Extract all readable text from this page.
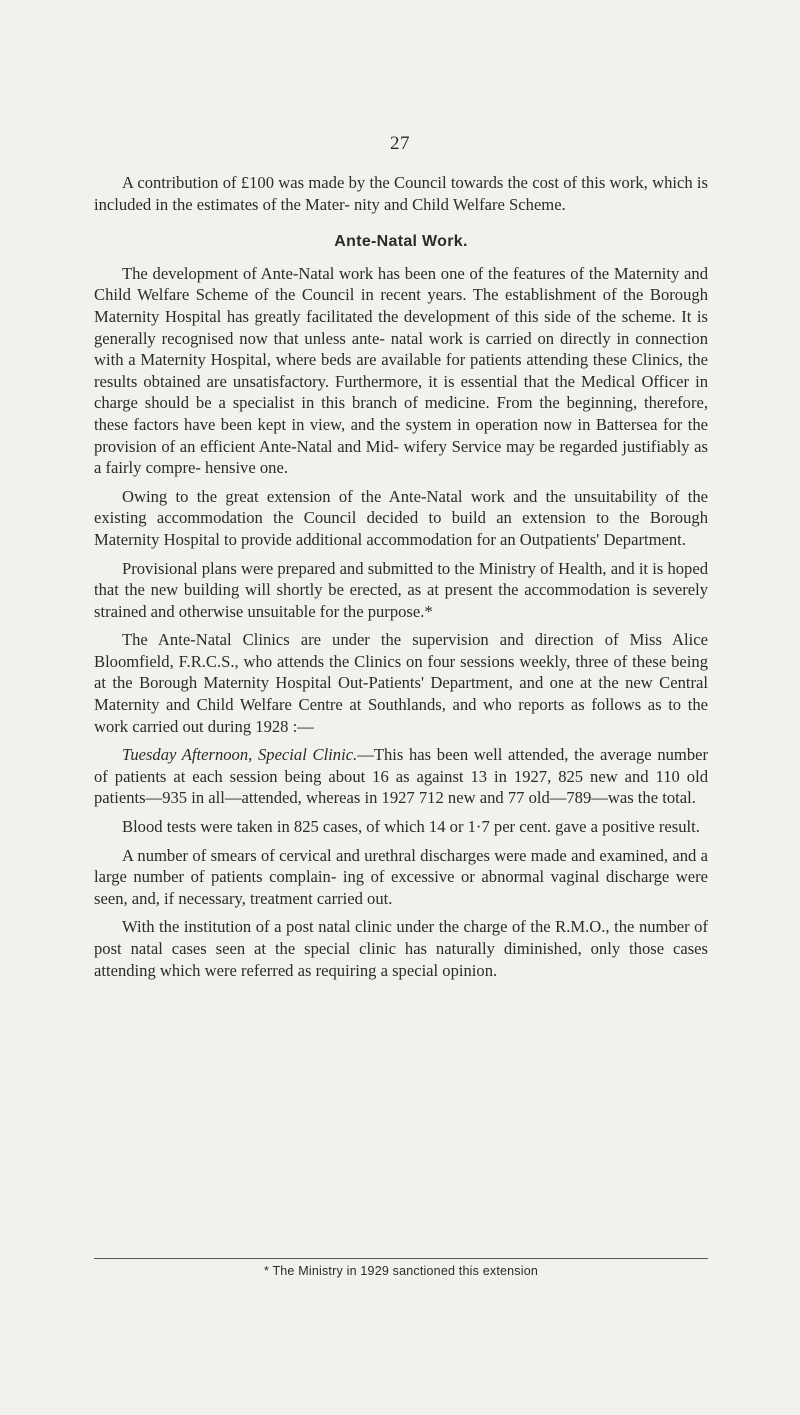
27

A contribution of £100 was made by the Council towards the cost of this work, which is included in the estimates of the Mater- nity and Child Welfare Scheme.

Ante-Natal Work.

The development of Ante-Natal work has been one of the features of the Maternity and Child Welfare Scheme of the Council in recent years. The establishment of the Borough Maternity Hospital has greatly facilitated the development of this side of the scheme. It is generally recognised now that unless ante- natal work is carried on directly in connection with a Maternity Hospital, where beds are available for patients attending these Clinics, the results obtained are unsatisfactory. Furthermore, it is essential that the Medical Officer in charge should be a specialist in this branch of medicine. From the beginning, therefore, these factors have been kept in view, and the system in operation now in Battersea for the provision of an efficient Ante-Natal and Mid- wifery Service may be regarded justifiably as a fairly compre- hensive one.

Owing to the great extension of the Ante-Natal work and the unsuitability of the existing accommodation the Council decided to build an extension to the Borough Maternity Hospital to provide additional accommodation for an Outpatients' Department.

Provisional plans were prepared and submitted to the Ministry of Health, and it is hoped that the new building will shortly be erected, as at present the accommodation is severely strained and otherwise unsuitable for the purpose.*

The Ante-Natal Clinics are under the supervision and direction of Miss Alice Bloomfield, F.R.C.S., who attends the Clinics on four sessions weekly, three of these being at the Borough Maternity Hospital Out-Patients' Department, and one at the new Central Maternity and Child Welfare Centre at Southlands, and who reports as follows as to the work carried out during 1928 :—

Tuesday Afternoon, Special Clinic.—This has been well attended, the average number of patients at each session being about 16 as against 13 in 1927, 825 new and 110 old patients—935 in all—attended, whereas in 1927 712 new and 77 old—789—was the total.

Blood tests were taken in 825 cases, of which 14 or 1·7 per cent. gave a positive result.

A number of smears of cervical and urethral discharges were made and examined, and a large number of patients complain- ing of excessive or abnormal vaginal discharge were seen, and, if necessary, treatment carried out.

With the institution of a post natal clinic under the charge of the R.M.O., the number of post natal cases seen at the special clinic has naturally diminished, only those cases attending which were referred as requiring a special opinion.

* The Ministry in 1929 sanctioned this extension
